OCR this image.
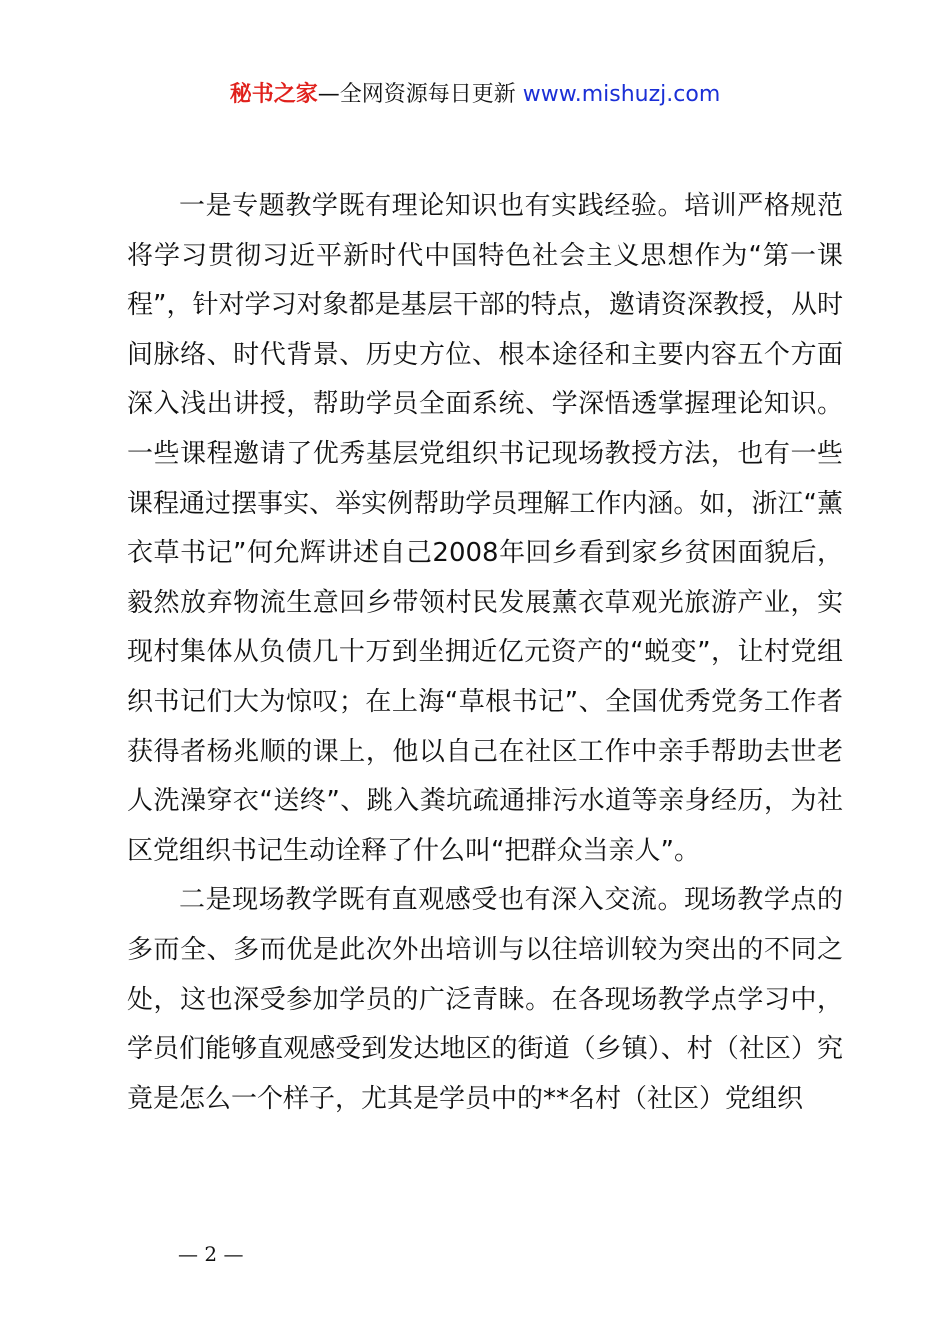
秘书之家—全网资源每日更新 www.mishuzj.com

一是专题教学既有理论知识也有实践经验。培训严格规范将学习贯彻习近平新时代中国特色社会主义思想作为“第一课程”，针对学习对象都是基层干部的特点，邀请资深教授，从时间脉络、时代背景、历史方位、根本途径和主要内容五个方面深入浅出讲授，帮助学员全面系统、学深悟透掌握理论知识。一些课程邀请了优秀基层党组织书记现场教授方法，也有一些课程通过摆事实、举实例帮助学员理解工作内涵。如，浙江“薰衣草书记”何允辉讲述自己2008年回乡看到家乡贫困面貌后，毅然放弃物流生意回乡带领村民发展薰衣草观光旅游产业，实现村集体从负债几十万到坐拥近亿元资产的“蜕变”，让村党组织书记们大为惊叹；在上海“草根书记”、全国优秀党务工作者获得者杨兆顺的课上，他以自己在社区工作中亲手帮助去世老人洗澡穿衣“送终”、跳入粪坑疏通排污水道等亲身经历，为社区党组织书记生动诠释了什么叫“把群众当亲人”。

二是现场教学既有直观感受也有深入交流。现场教学点的多而全、多而优是此次外出培训与以往培训较为突出的不同之处，这也深受参加学员的广泛青睐。在各现场教学点学习中，学员们能够直观感受到发达地区的街道（乡镇）、村（社区）究竟是怎么一个样子，尤其是学员中的**名村（社区）党组织

— 2 —
